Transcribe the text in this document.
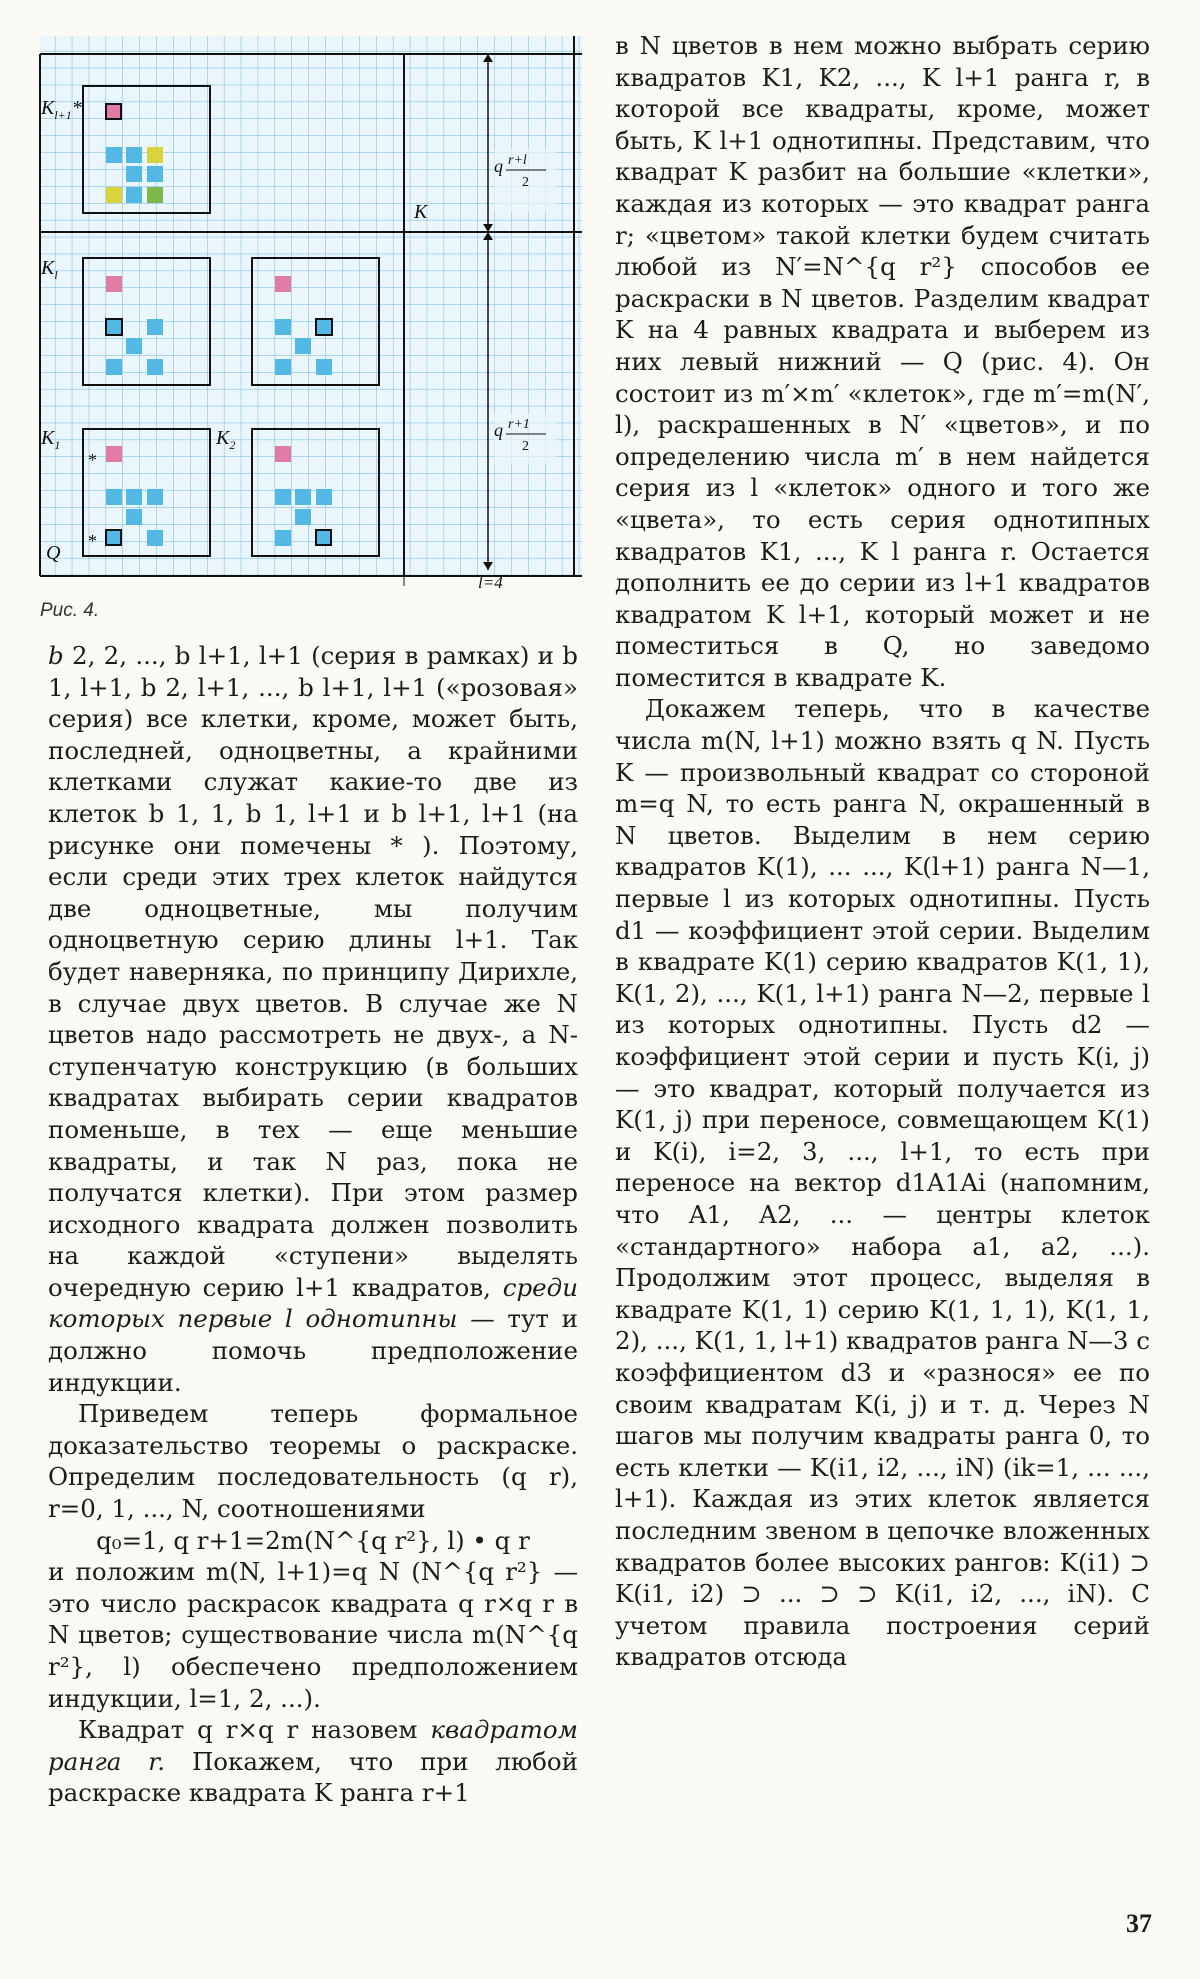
$K_{l+1}*$
$K_l$
$K_1$
*
*
$K_2$
Q
K
q r+l
2
q r+1
2
l=4
Рис. 4.

b 2, 2, ..., b l+1, l+1 (серия в рамках) и b 1, l+1, b 2, l+1, ..., b l+1, l+1 («розовая» серия) все клетки, кроме, может быть, последней, одноцветны, а крайними клетками служат какие-то две из клеток b 1, 1, b 1, l+1 и b l+1, l+1 (на рисунке они помечены * ). Поэтому, если среди этих трех клеток найдутся две одноцветные, мы получим одноцветную серию длины l+1. Так будет наверняка, по принципу Дирихле, в случае двух цветов. В случае же N цветов надо рассмотреть не двух-, а N-ступенчатую конструкцию (в больших квадратах выбирать серии квадратов поменьше, в тех — еще меньшие квадраты, и так N раз, пока не получатся клетки). При этом размер исходного квадрата должен позволить на каждой «ступени» выделять очередную серию l+1 квадратов, среди которых первые l однотипны — тут и должно помочь предположение индукции.

Приведем теперь формальное доказательство теоремы о раскраске. Определим последовательность (q r), r=0, 1, ..., N, соотношениями

q₀=1, q r+1=2m(N^{q r²}, l) • q r

и положим m(N, l+1)=q N (N^{q r²} — это число раскрасок квадрата q r×q r в N цветов; существование числа m(N^{q r²}, l) обеспечено предположением индукции, l=1, 2, ...).

Квадрат q r×q r назовем квадратом ранга r. Покажем, что при любой раскраске квадрата K ранга r+1

в N цветов в нем можно выбрать серию квадратов K1, K2, ..., K l+1 ранга r, в которой все квадраты, кроме, может быть, K l+1 однотипны. Представим, что квадрат K разбит на большие «клетки», каждая из которых — это квадрат ранга r; «цветом» такой клетки будем считать любой из N′=N^{q r²} способов ее раскраски в N цветов. Разделим квадрат K на 4 равных квадрата и выберем из них левый нижний — Q (рис. 4). Он состоит из m′×m′ «клеток», где m′=m(N′, l), раскрашенных в N′ «цветов», и по определению числа m′ в нем найдется серия из l «клеток» одного и того же «цвета», то есть серия однотипных квадратов K1, ..., K l ранга r. Остается дополнить ее до серии из l+1 квадратов квадратом K l+1, который может и не поместиться в Q, но заведомо поместится в квадрате K.

Докажем теперь, что в качестве числа m(N, l+1) можно взять q N. Пусть K — произвольный квадрат со стороной m=q N, то есть ранга N, окрашенный в N цветов. Выделим в нем серию квадратов K(1), ... ..., K(l+1) ранга N—1, первые l из которых однотипны. Пусть d1 — коэффициент этой серии. Выделим в квадрате K(1) серию квадратов K(1, 1), K(1, 2), ..., K(1, l+1) ранга N—2, первые l из которых однотипны. Пусть d2 — коэффициент этой серии и пусть K(i, j) — это квадрат, который получается из K(1, j) при переносе, совмещающем K(1) и K(i), i=2, 3, ..., l+1, то есть при переносе на вектор d1A1Ai (напомним, что A1, A2, ... — центры клеток «стандартного» набора a1, a2, ...). Продолжим этот процесс, выделяя в квадрате K(1, 1) серию K(1, 1, 1), K(1, 1, 2), ..., K(1, 1, l+1) квадратов ранга N—3 с коэффициентом d3 и «разнося» ее по своим квадратам K(i, j) и т. д. Через N шагов мы получим квадраты ранга 0, то есть клетки — K(i1, i2, ..., iN) (ik=1, ... ..., l+1). Каждая из этих клеток является последним звеном в цепочке вложенных квадратов более высоких рангов: K(i1) ⊃ K(i1, i2) ⊃ ... ⊃ ⊃ K(i1, i2, ..., iN). С учетом правила построения серий квадратов отсюда

37
